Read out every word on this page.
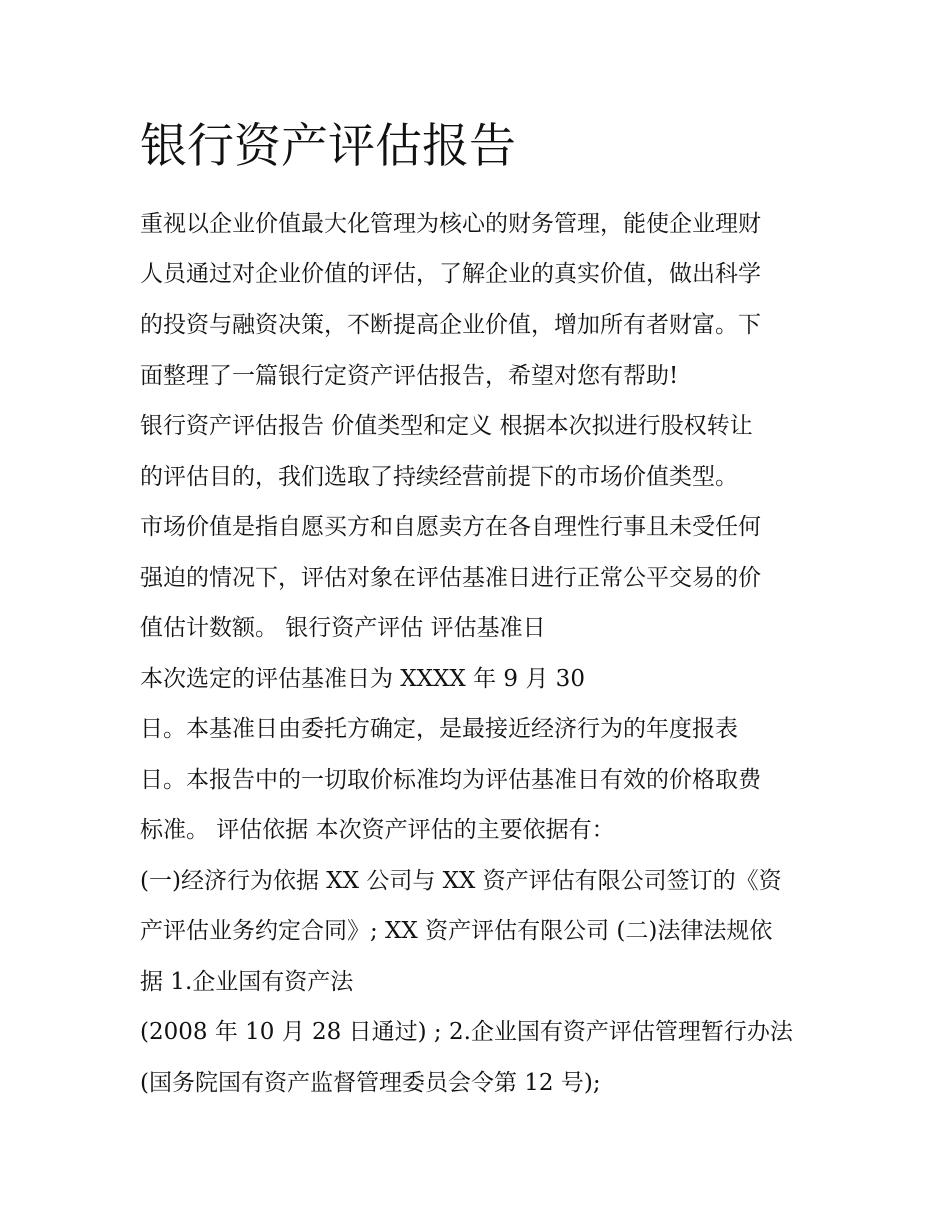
银行资产评估报告

重视以企业价值最大化管理为核心的财务管理，能使企业理财

人员通过对企业价值的评估，了解企业的真实价值，做出科学

的投资与融资决策，不断提高企业价值，增加所有者财富。下

面整理了一篇银行定资产评估报告，希望对您有帮助!

银行资产评估报告 价值类型和定义 根据本次拟进行股权转让

的评估目的，我们选取了持续经营前提下的市场价值类型。

市场价值是指自愿买方和自愿卖方在各自理性行事且未受任何

强迫的情况下，评估对象在评估基准日进行正常公平交易的价

值估计数额。 银行资产评估 评估基准日

本次选定的评估基准日为 XXXX 年 9 月 30

日。本基准日由委托方确定，是最接近经济行为的年度报表

日。本报告中的一切取价标准均为评估基准日有效的价格取费

标准。 评估依据 本次资产评估的主要依据有：

(一)经济行为依据 XX 公司与 XX 资产评估有限公司签订的《资

产评估业务约定合同》; XX 资产评估有限公司 (二)法律法规依

据 1.企业国有资产法

(2008 年 10 月 28 日通过) ; 2.企业国有资产评估管理暂行办法

(国务院国有资产监督管理委员会令第 12 号);
